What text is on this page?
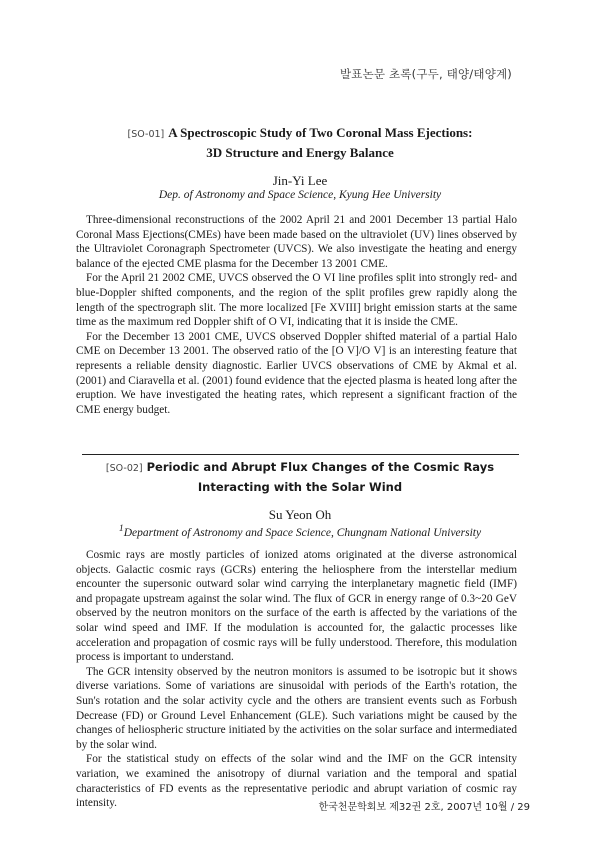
발표논문 초록(구두, 태양/태양계)

[SO-01] A Spectroscopic Study of Two Coronal Mass Ejections:
3D Structure and Energy Balance

Jin-Yi Lee

Dep. of Astronomy and Space Science, Kyung Hee University

Three-dimensional reconstructions of the 2002 April 21 and 2001 December 13 partial Halo Coronal Mass Ejections(CMEs) have been made based on the ultraviolet (UV) lines observed by the Ultraviolet Coronagraph Spectrometer (UVCS). We also investigate the heating and energy balance of the ejected CME plasma for the December 13 2001 CME.

For the April 21 2002 CME, UVCS observed the O VI line profiles split into strongly red- and blue-Doppler shifted components, and the region of the split profiles grew rapidly along the length of the spectrograph slit. The more localized [Fe XVIII] bright emission starts at the same time as the maximum red Doppler shift of O VI, indicating that it is inside the CME.

For the December 13 2001 CME, UVCS observed Doppler shifted material of a partial Halo CME on December 13 2001. The observed ratio of the [O V]/O V] is an interesting feature that represents a reliable density diagnostic. Earlier UVCS observations of CME by Akmal et al. (2001) and Ciaravella et al. (2001) found evidence that the ejected plasma is heated long after the eruption. We have investigated the heating rates, which represent a significant fraction of the CME energy budget.

[SO-02] Periodic and Abrupt Flux Changes of the Cosmic Rays
Interacting with the Solar Wind

Su Yeon Oh

$^1$Department of Astronomy and Space Science, Chungnam National University

Cosmic rays are mostly particles of ionized atoms originated at the diverse astronomical objects. Galactic cosmic rays (GCRs) entering the heliosphere from the interstellar medium encounter the supersonic outward solar wind carrying the interplanetary magnetic field (IMF) and propagate upstream against the solar wind. The flux of GCR in energy range of 0.3~20 GeV observed by the neutron monitors on the surface of the earth is affected by the variations of the solar wind speed and IMF. If the modulation is accounted for, the galactic processes like acceleration and propagation of cosmic rays will be fully understood. Therefore, this modulation process is important to understand.

The GCR intensity observed by the neutron monitors is assumed to be isotropic but it shows diverse variations. Some of variations are sinusoidal with periods of the Earth's rotation, the Sun's rotation and the solar activity cycle and the others are transient events such as Forbush Decrease (FD) or Ground Level Enhancement (GLE). Such variations might be caused by the changes of heliospheric structure initiated by the activities on the solar surface and intermediated by the solar wind.

For the statistical study on effects of the solar wind and the IMF on the GCR intensity variation, we examined the anisotropy of diurnal variation and the temporal and spatial characteristics of FD events as the representative periodic and abrupt variation of cosmic ray intensity.	한국천문학회보 제32권 2호, 2007년 10월 / 29
